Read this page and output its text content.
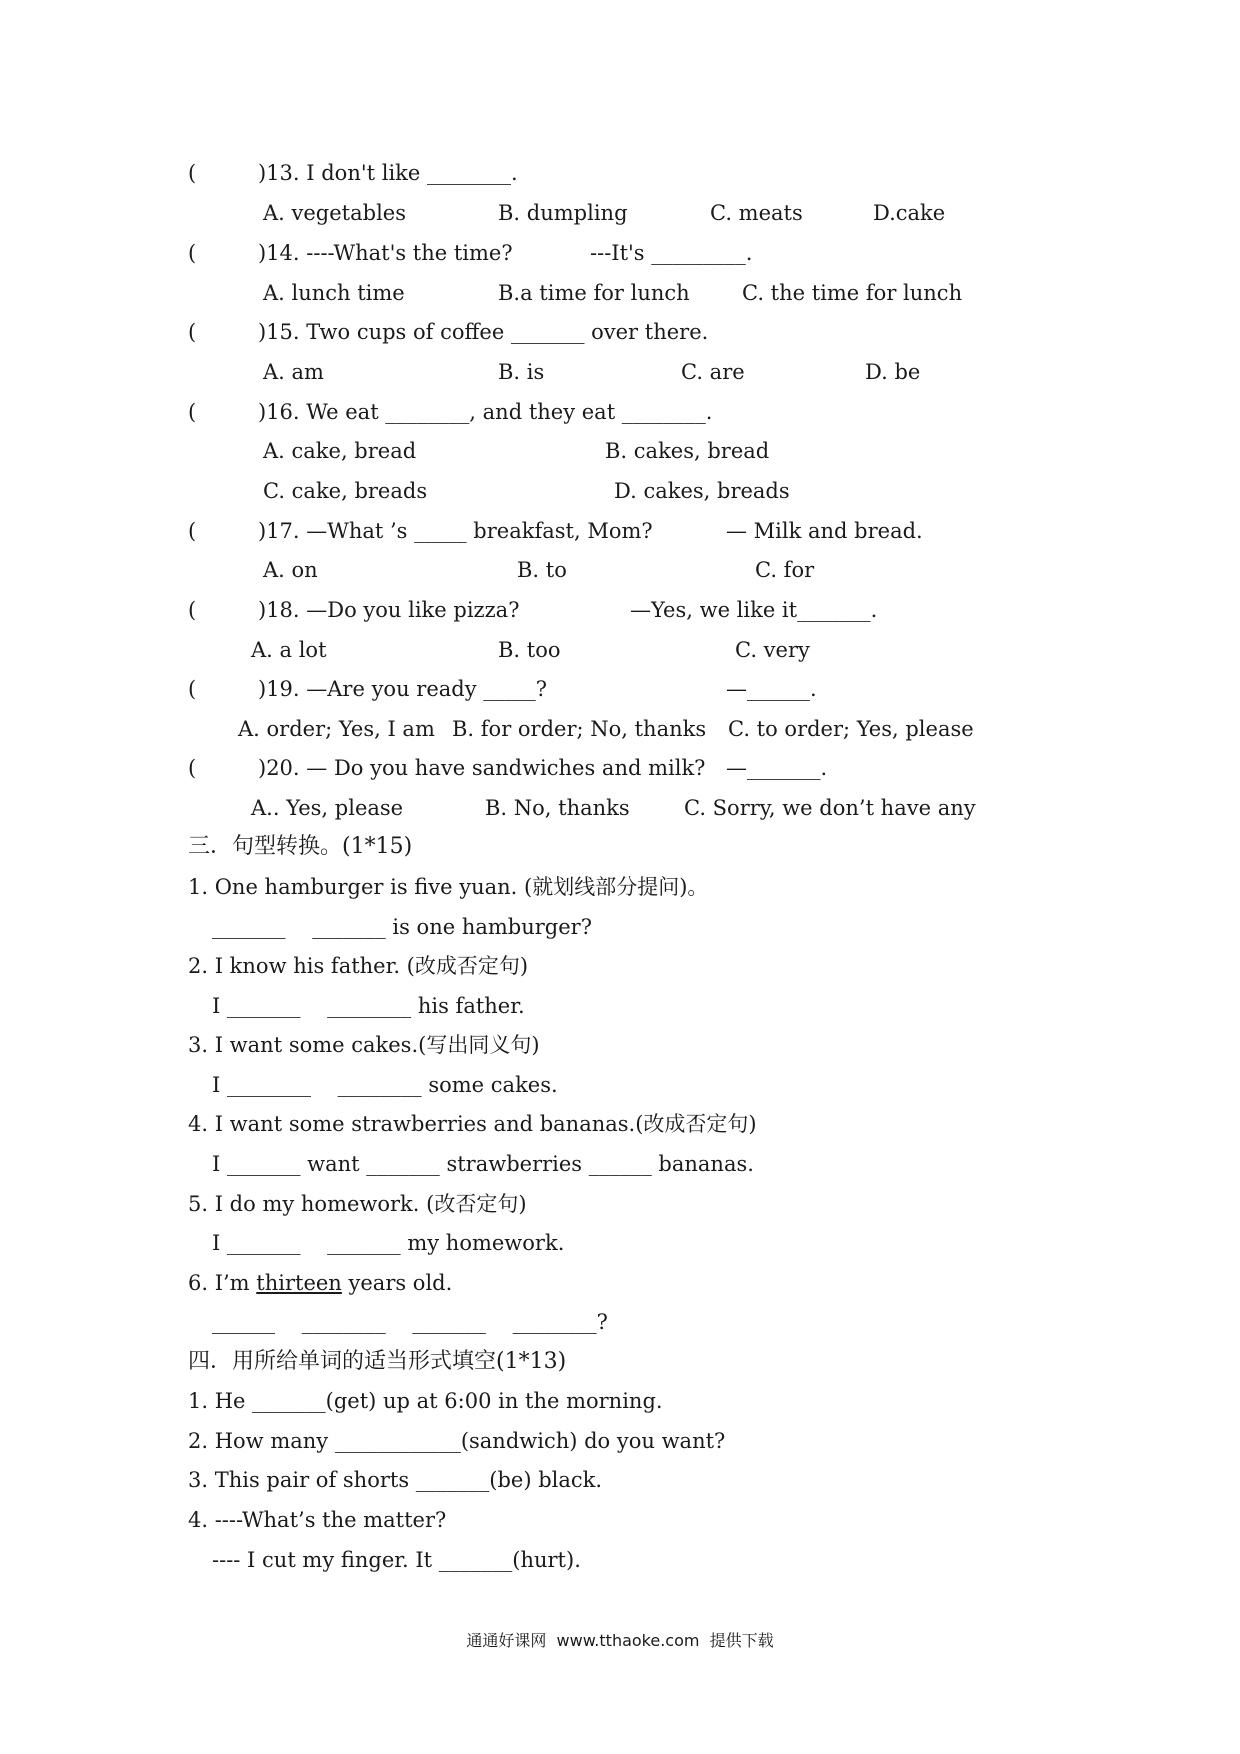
(	)13. I don't like ________.
A. vegetables	B. dumpling	C. meats	D.cake
(	)14. ----What's the time?	---It's _________.
A. lunch time	B.a time for lunch C. the time for lunch
(	)15. Two cups of coffee _______ over there.
A. am	B. is	C. are	D. be
(	)16. We eat ________, and they eat ________.
A. cake, bread	B. cakes, bread
C. cake, breads	D. cakes, breads
(	)17. —What ’s _____ breakfast, Mom?	— Milk and bread.
A. on	B. to	C. for
(	)18. —Do you like pizza?	—Yes, we like it_______.
A. a lot	B. too	C. very
(	)19. —Are you ready _____?	—______.
A. order; Yes, I am B. for order; No, thanks C. to order; Yes, please
(	)20. — Do you have sandwiches and milk? —_______.
A.. Yes, please	B. No, thanks	C. Sorry, we don’t have any
三．句型转换。(1*15)
1. One hamburger is five yuan. (就划线部分提问)。
_______    _______ is one hamburger?
2. I know his father. (改成否定句)
I _______    ________ his father.
3. I want some cakes.(写出同义句)
I ________    ________ some cakes.
4. I want some strawberries and bananas.(改成否定句)
I _______ want _______ strawberries ______ bananas.
5. I do my homework. (改否定句)
I _______    _______ my homework.
6. I’m thirteen years old.
______    ________    _______    ________?
四．用所给单词的适当形式填空(1*13)
1. He _______(get) up at 6:00 in the morning.
2. How many ____________(sandwich) do you want?
3. This pair of shorts _______(be) black.
4. ----What’s the matter?
---- I cut my finger. It _______(hurt).
通通好课网  www.tthaoke.com  提供下载
